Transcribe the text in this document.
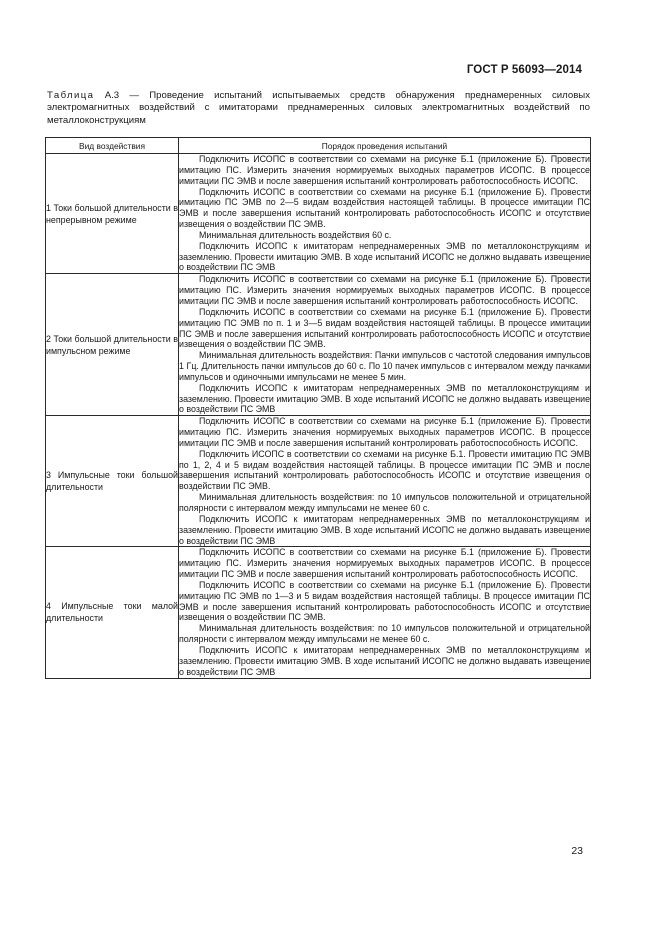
ГОСТ Р 56093—2014
Таблица А.3 — Проведение испытаний испытываемых средств обнаружения преднамеренных силовых электромагнитных воздействий с имитаторами преднамеренных силовых электромагнитных воздействий по металлоконструкциям
Вид воздействия	Порядок проведения испытаний
1 Токи большой длительности в непрерывном режиме	Подключить ИСОПС в соответствии со схемами на рисунке Б.1 (приложение Б). Провести имитацию ПС. Измерить значения нормируемых выходных параметров ИСОПС. В процессе имитации ПС ЭМВ и после завершения испытаний контролировать работоспособность ИСОПС.

Подключить ИСОПС в соответствии со схемами на рисунке Б.1 (приложение Б). Провести имитацию ПС ЭМВ по 2—5 видам воздействия настоящей таблицы. В процессе имитации ПС ЭМВ и после завершения испытаний контролировать работоспособность ИСОПС и отсутствие извещения о воздействии ПС ЭМВ.

Минимальная длительность воздействия 60 с.

Подключить ИСОПС к имитаторам непреднамеренных ЭМВ по металлоконструкциям и заземлению. Провести имитацию ЭМВ. В ходе испытаний ИСОПС не должно выдавать извещение о воздействии ПС ЭМВ

2 Токи большой длительности в импульсном режиме	Подключить ИСОПС в соответствии со схемами на рисунке Б.1 (приложение Б). Провести имитацию ПС. Измерить значения нормируемых выходных параметров ИСОПС. В процессе имитации ПС ЭМВ и после завершения испытаний контролировать работоспособность ИСОПС.

Подключить ИСОПС в соответствии со схемами на рисунке Б.1 (приложение Б). Провести имитацию ПС ЭМВ по п. 1 и 3—5 видам воздействия настоящей таблицы. В процессе имитации ПС ЭМВ и после завершения испытаний контролировать работоспособность ИСОПС и отсутствие извещения о воздействии ПС ЭМВ.

Минимальная длительность воздействия: Пачки импульсов с частотой следования импульсов 1 Гц. Длительность пачки импульсов до 60 с. По 10 пачек импульсов с интервалом между пачками импульсов и одиночными импульсами не менее 5 мин.

Подключить ИСОПС к имитаторам непреднамеренных ЭМВ по металлоконструкциям и заземлению. Провести имитацию ЭМВ. В ходе испытаний ИСОПС не должно выдавать извещение о воздействии ПС ЭМВ

3 Импульсные токи большой длительности	Подключить ИСОПС в соответствии со схемами на рисунке Б.1 (приложение Б). Провести имитацию ПС. Измерить значения нормируемых выходных параметров ИСОПС. В процессе имитации ПС ЭМВ и после завершения испытаний контролировать работоспособность ИСОПС.

Подключить ИСОПС в соответствии со схемами на рисунке Б.1. Провести имитацию ПС ЭМВ по 1, 2, 4 и 5 видам воздействия настоящей таблицы. В процессе имитации ПС ЭМВ и после завершения испытаний контролировать работоспособность ИСОПС и отсутствие извещения о воздействии ПС ЭМВ.

Минимальная длительность воздействия: по 10 импульсов положительной и отрицательной полярности с интервалом между импульсами не менее 60 с.

Подключить ИСОПС к имитаторам непреднамеренных ЭМВ по металлоконструкциям и заземлению. Провести имитацию ЭМВ. В ходе испытаний ИСОПС не должно выдавать извещение о воздействии ПС ЭМВ

4 Импульсные токи малой длительности	Подключить ИСОПС в соответствии со схемами на рисунке Б.1 (приложение Б). Провести имитацию ПС. Измерить значения нормируемых выходных параметров ИСОПС. В процессе имитации ПС ЭМВ и после завершения испытаний контролировать работоспособность ИСОПС.

Подключить ИСОПС в соответствии со схемами на рисунке Б.1 (приложение Б). Провести имитацию ПС ЭМВ по 1—3 и 5 видам воздействия настоящей таблицы. В процессе имитации ПС ЭМВ и после завершения испытаний контролировать работоспособность ИСОПС и отсутствие извещения о воздействии ПС ЭМВ.

Минимальная длительность воздействия: по 10 импульсов положительной и отрицательной полярности с интервалом между импульсами не менее 60 с.

Подключить ИСОПС к имитаторам непреднамеренных ЭМВ по металлоконструкциям и заземлению. Провести имитацию ЭМВ. В ходе испытаний ИСОПС не должно выдавать извещение о воздействии ПС ЭМВ

23
